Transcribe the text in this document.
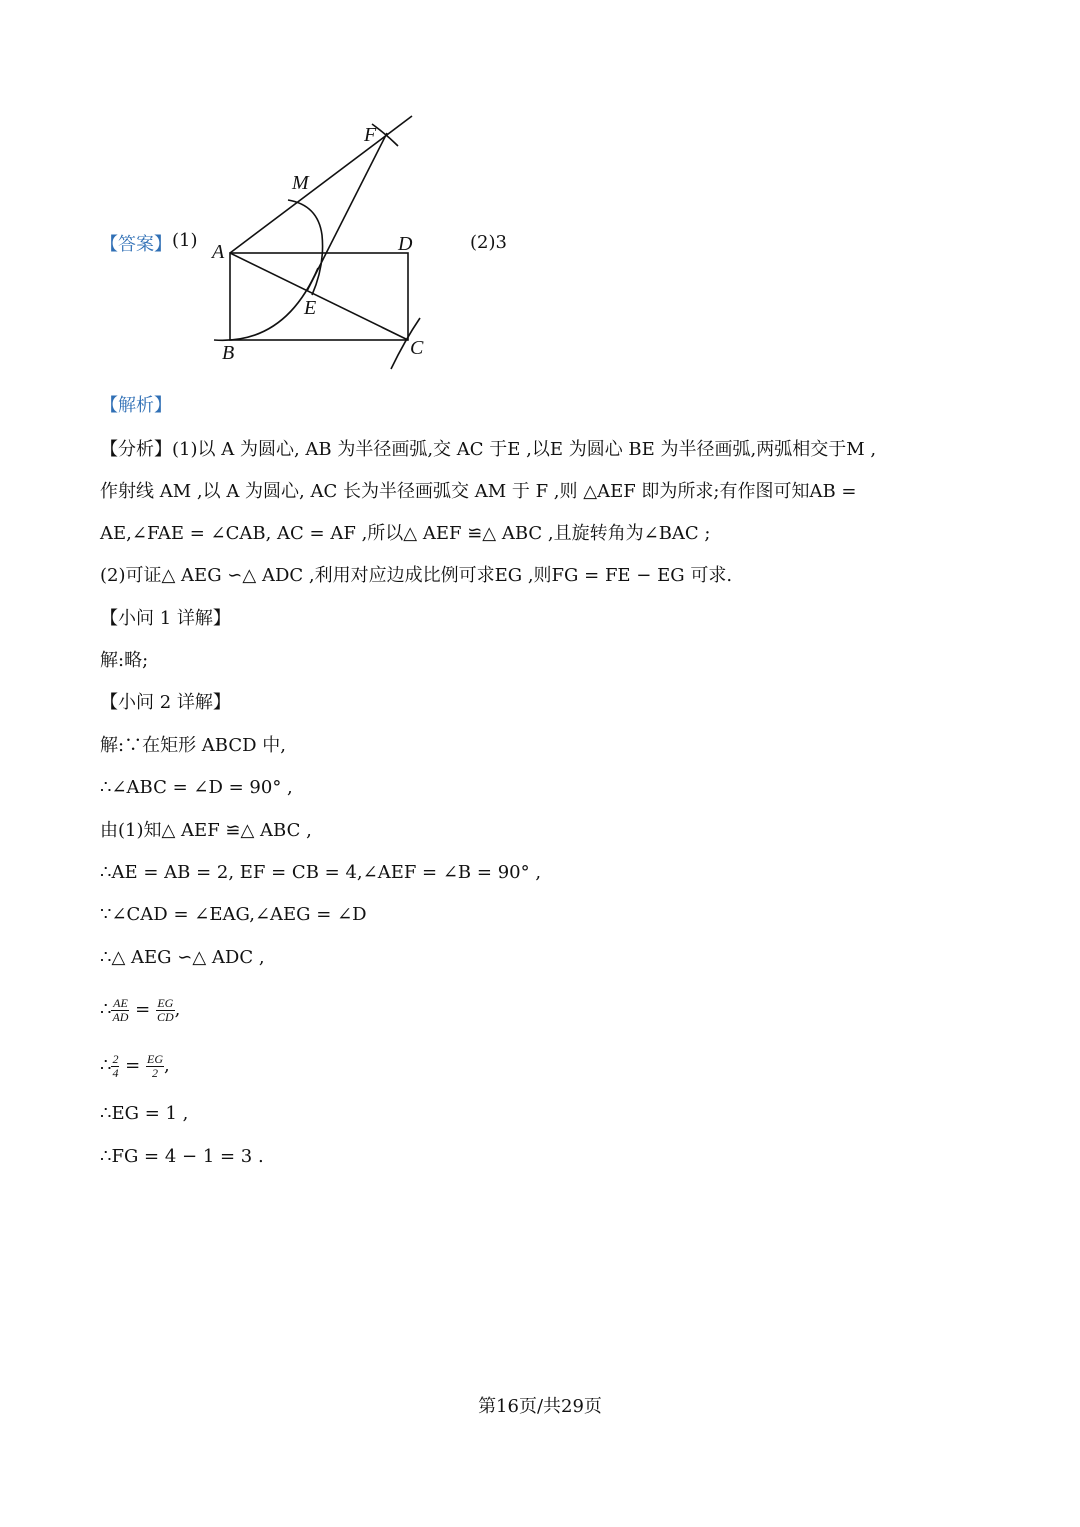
【答案】 (1)	(2)3
A
B	C
D
E
F
M
【解析】
【分析】(1)以 A 为圆心, AB 为半径画弧,交 AC 于E ,以E 为圆心 BE 为半径画弧,两弧相交于M ,
作射线 AM ,以 A 为圆心, AC 长为半径画弧交 AM 于 F ,则 △AEF 即为所求;有作图可知AB =
AE,∠FAE = ∠CAB, AC = AF ,所以△ AEF ≌△ ABC ,且旋转角为∠BAC ;
(2)可证△ AEG ∽△ ADC ,利用对应边成比例可求EG ,则FG = FE − EG 可求.
【小问 1 详解】
解:略;
【小问 2 详解】
解:∵在矩形 ABCD 中,
∴∠ABC = ∠D = 90° ,
由(1)知△ AEF ≌△ ABC ,
∴AE = AB = 2, EF = CB = 4,∠AEF = ∠B = 90° ,
∵∠CAD = ∠EAG,∠AEG = ∠D
∴△ AEG ∽△ ADC ,
∴ $\frac{AE}{AD} = \frac{EG}{CD}$ ,
∴ $\frac{2}{4} = \frac{EG}{2}$ ,
∴EG = 1 ,
∴FG = 4 − 1 = 3 .
第16页/共29页
